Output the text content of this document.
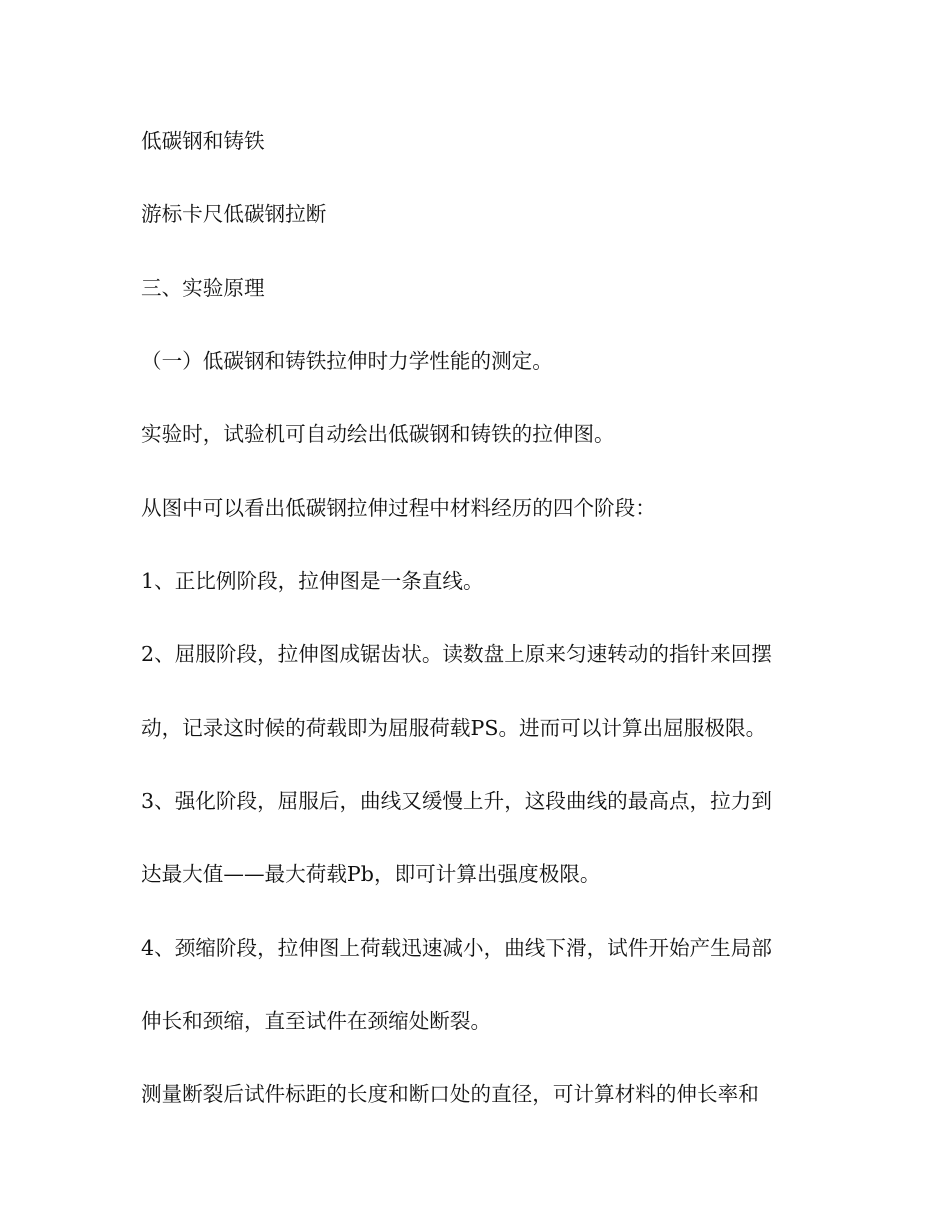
低碳钢和铸铁

游标卡尺低碳钢拉断

三、实验原理

（一）低碳钢和铸铁拉伸时力学性能的测定。

实验时，试验机可自动绘出低碳钢和铸铁的拉伸图。

从图中可以看出低碳钢拉伸过程中材料经历的四个阶段：

1、正比例阶段，拉伸图是一条直线。

2、屈服阶段，拉伸图成锯齿状。读数盘上原来匀速转动的指针来回摆

动，记录这时候的荷载即为屈服荷载PS。进而可以计算出屈服极限。

3、强化阶段，屈服后，曲线又缓慢上升，这段曲线的最高点，拉力到

达最大值——最大荷载Pb，即可计算出强度极限。

4、颈缩阶段，拉伸图上荷载迅速减小，曲线下滑，试件开始产生局部

伸长和颈缩，直至试件在颈缩处断裂。

测量断裂后试件标距的长度和断口处的直径，可计算材料的伸长率和
